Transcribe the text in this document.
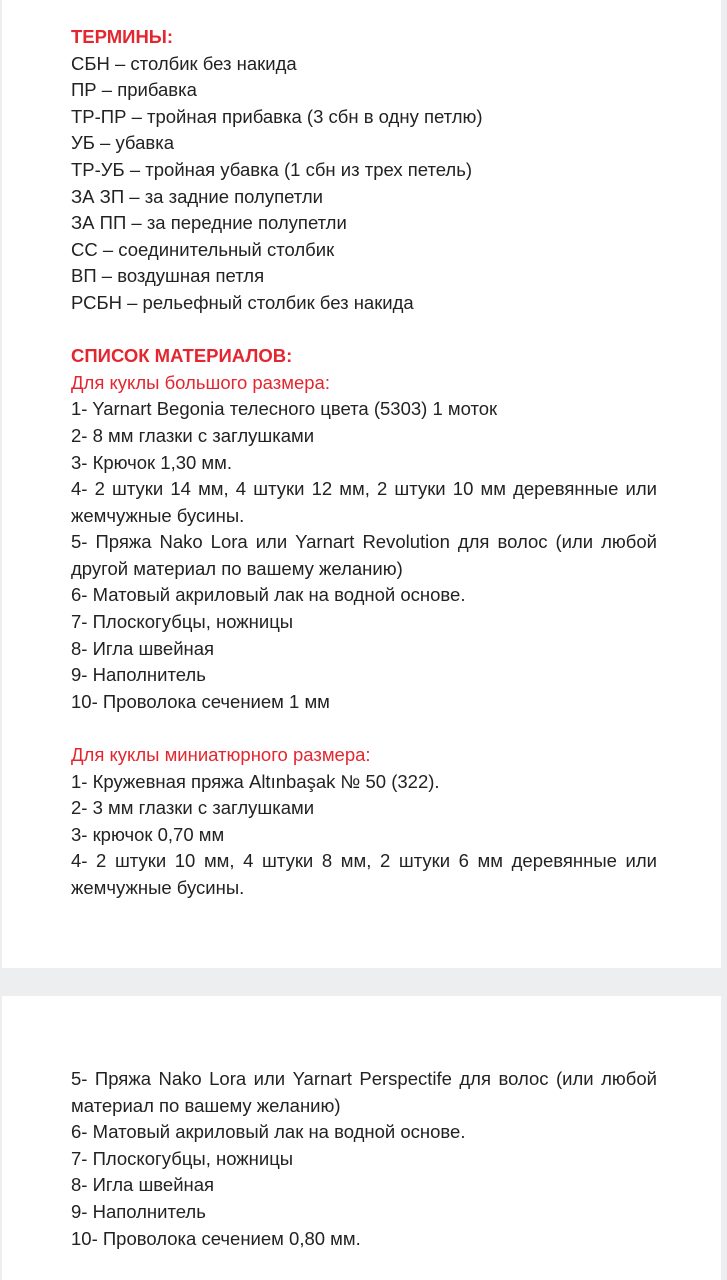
ТЕРМИНЫ:
СБН – столбик без накида
ПР – прибавка
ТР-ПР – тройная прибавка (3 сбн в одну петлю)
УБ – убавка
ТР-УБ – тройная убавка (1 сбн из трех петель)
ЗА ЗП – за задние полупетли
ЗА ПП – за передние полупетли
СС – соединительный столбик
ВП – воздушная петля
РСБН – рельефный столбик без накида
СПИСОК МАТЕРИАЛОВ:
Для куклы большого размера:
1- Yarnart Begonia телесного цвета (5303) 1 моток
2- 8 мм глазки с заглушками
3- Крючок 1,30 мм.
4- 2 штуки 14 мм, 4 штуки 12 мм, 2 штуки 10 мм деревянные или жемчужные бусины.
5- Пряжа Nako Lora или Yarnart Revolution для волос (или любой другой материал по вашему желанию)
6- Матовый акриловый лак на водной основе.
7- Плоскогубцы, ножницы
8- Игла швейная
9- Наполнитель
10- Проволока сечением 1 мм
Для куклы миниатюрного размера:
1- Кружевная пряжа Altınbaşak № 50 (322).
2- 3 мм глазки с заглушками
3- крючок 0,70 мм
4- 2 штуки 10 мм, 4 штуки 8 мм, 2 штуки 6 мм деревянные или жемчужные бусины.
5- Пряжа Nako Lora или Yarnart Perspectife для волос (или любой материал по вашему желанию)
6- Матовый акриловый лак на водной основе.
7- Плоскогубцы, ножницы
8- Игла швейная
9- Наполнитель
10- Проволока сечением 0,80 мм.
